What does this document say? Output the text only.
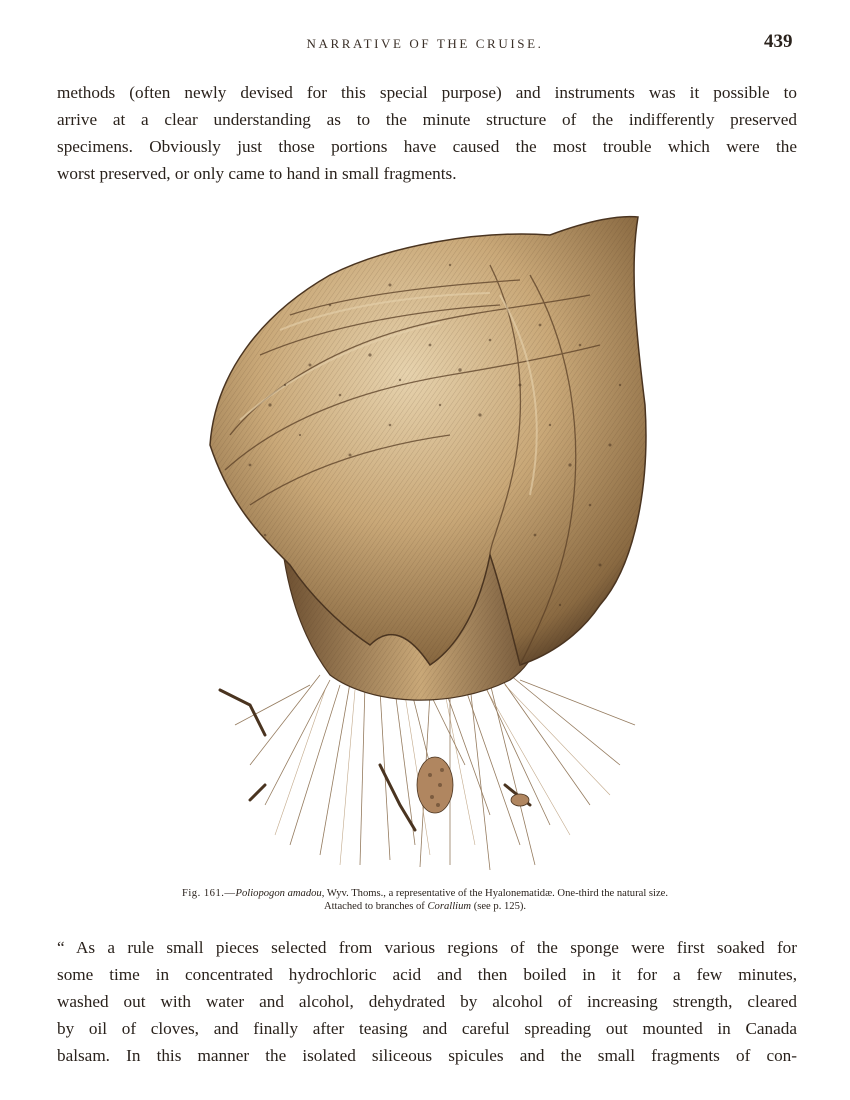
NARRATIVE OF THE CRUISE.	439

methods (often newly devised for this special purpose) and instruments was it possible to
arrive at a clear understanding as to the minute structure of the indifferently preserved
specimens. Obviously just those portions have caused the most trouble which were the
worst preserved, or only came to hand in small fragments.

Fig. 161.—Poliopogon amadou, Wyv. Thoms., a representative of the Hyalonematidæ. One-third the natural size.
Attached to branches of Corallium (see p. 125).

“ As a rule small pieces selected from various regions of the sponge were first soaked for
some time in concentrated hydrochloric acid and then boiled in it for a few minutes,
washed out with water and alcohol, dehydrated by alcohol of increasing strength, cleared
by oil of cloves, and finally after teasing and careful spreading out mounted in Canada
balsam. In this manner the isolated siliceous spicules and the small fragments of con-
